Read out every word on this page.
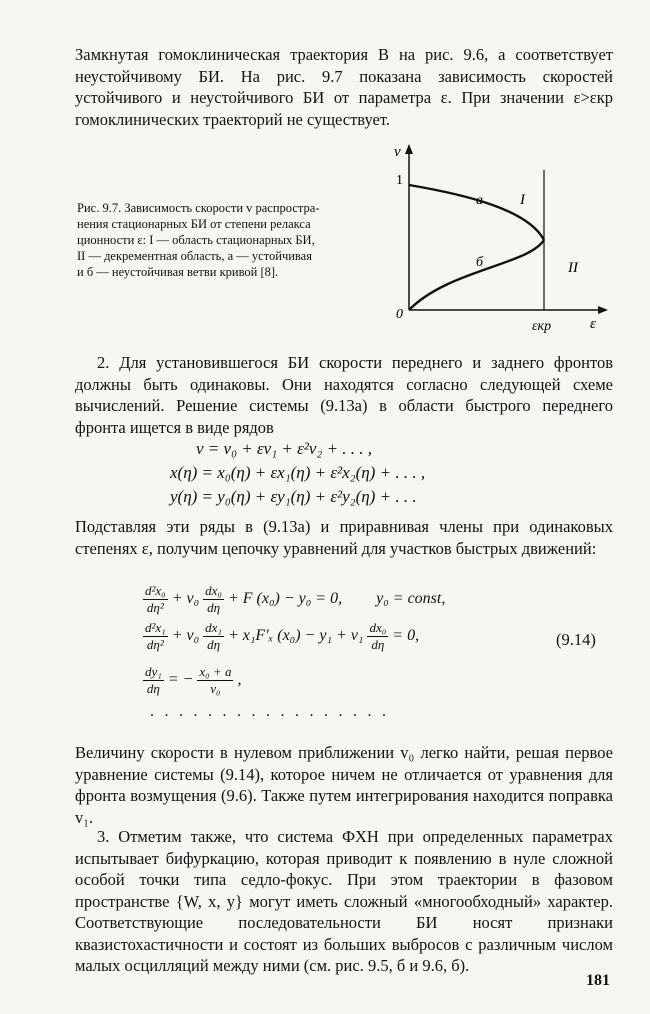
Замкнутая гомоклиническая траектория B на рис. 9.6, a соответствует неустойчивому БИ. На рис. 9.7 показана зависимость скоростей устойчивого и неустойчивого БИ от параметра ε. При значении ε>εкр гомоклинических траекторий не существует.

Рис. 9.7. Зависимость скорости v распростра-
нения стационарных БИ от степени релакса
ционности ε: I — область стационарных БИ,
II — декрементная область, a — устойчивая
и б — неустойчивая ветви кривой [8].

v
1
0
εкр	ε
a
б
I
II

2. Для установившегося БИ скорости переднего и заднего фронтов должны быть одинаковы. Они находятся согласно следующей схеме вычислений. Решение системы (9.13a) в области быстрого переднего фронта ищется в виде рядов

v = v₀ + εv₁ + ε²v₂ + . . . ,
x(η) = x₀(η) + εx₁(η) + ε²x₂(η) + . . . ,
y(η) = y₀(η) + εy₁(η) + ε²y₂(η) + . . .

Подставляя эти ряды в (9.13a) и приравнивая члены при одинаковых степенях ε, получим цепочку уравнений для участков быстрых движений:

$\frac{\text{d²x₀}}{\text{dη²}} + v_0 \frac{\text{dx₀}}{d\eta} + F$ (x₀) − y₀ = 0, y₀ = const,
$\frac{\text{d²x₁}}{\text{dη²}} + v_0 \frac{\text{dx₁}}{d\eta} + x_1F'_x$ $(x_0) - y_1 + v_1 \frac{\text{dx₀}}{d\eta} = 0$,	(9.14)
$\frac{\text{dy₁}}{d\eta}$ = − $\frac{\text{x₀ + a}}{\text{v₀}}$ ,
.................

Величину скорости в нулевом приближении v₀ легко найти, решая первое уравнение системы (9.14), которое ничем не отличается от уравнения для фронта возмущения (9.6). Также путем интегрирования находится поправка v₁.

3. Отметим также, что система ФХН при определенных параметрах испытывает бифуркацию, которая приводит к появлению в нуле сложной особой точки типа седло-фокус. При этом траектории в фазовом пространстве {W, x, y} могут иметь сложный «многообходный» характер. Соответствующие последовательности БИ носят признаки квазистохастичности и состоят из больших выбросов с различным числом малых осцилляций между ними (см. рис. 9.5, б и 9.6, б).

181
